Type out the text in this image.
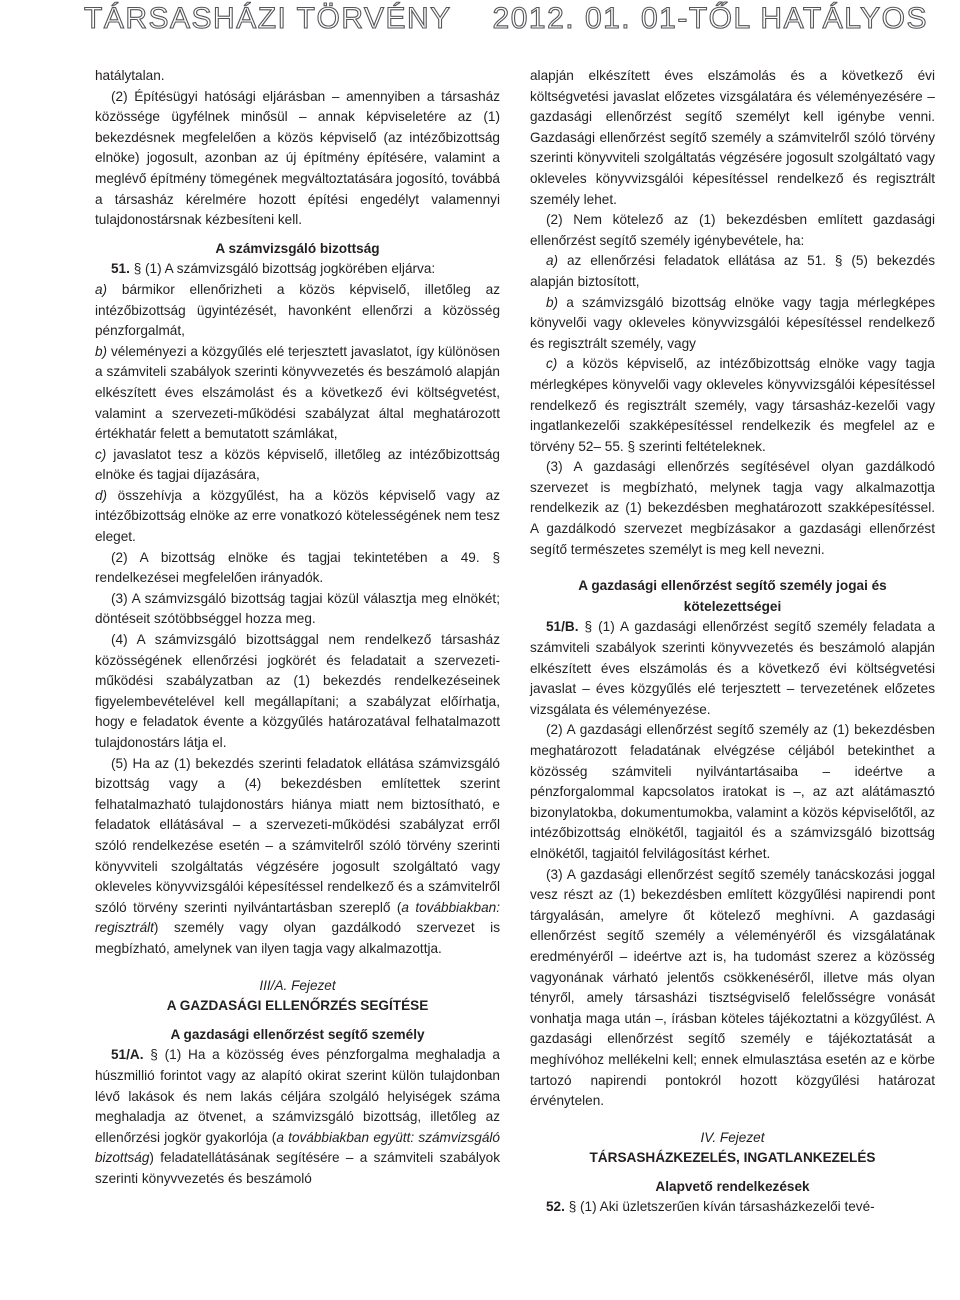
TÁRSASHÁZI TÖRVÉNY 2012. 01. 01-TŐL HATÁLYOS

hatálytalan.

(2) Építésügyi hatósági eljárásban – amennyiben a társasház közössége ügyfélnek minősül – annak képviseletére az (1) bekezdésnek megfelelően a közös képviselő (az intézőbizottság elnöke) jogosult, azonban az új építmény építésére, valamint a meglévő építmény tömegének megváltoztatására jogosító, továbbá a társasház kérelmére hozott építési engedélyt valamennyi tulajdonostársnak kézbesíteni kell.

A számvizsgáló bizottság

51. § (1) A számvizsgáló bizottság jogkörében eljárva:

a) bármikor ellenőrizheti a közös képviselő, illetőleg az intézőbizottság ügyintézését, havonként ellenőrzi a közösség pénzforgalmát,

b) véleményezi a közgyűlés elé terjesztett javaslatot, így különösen a számviteli szabályok szerinti könyvvezetés és beszámoló alapján elkészített éves elszámolást és a következő évi költségvetést, valamint a szervezeti-működési szabályzat által meghatározott értékhatár felett a bemutatott számlákat,

c) javaslatot tesz a közös képviselő, illetőleg az intézőbizottság elnöke és tagjai díjazására,

d) összehívja a közgyűlést, ha a közös képviselő vagy az intézőbizottság elnöke az erre vonatkozó kötelességének nem tesz eleget.

(2) A bizottság elnöke és tagjai tekintetében a 49. § rendelkezései megfelelően irányadók.

(3) A számvizsgáló bizottság tagjai közül választja meg elnökét; döntéseit szótöbbséggel hozza meg.

(4) A számvizsgáló bizottsággal nem rendelkező társasház közösségének ellenőrzési jogkörét és feladatait a szervezeti-működési szabályzatban az (1) bekezdés rendelkezéseinek figyelembevételével kell megállapítani; a szabályzat előírhatja, hogy e feladatok évente a közgyűlés határozatával felhatalmazott tulajdonostárs látja el.

(5) Ha az (1) bekezdés szerinti feladatok ellátása számvizsgáló bizottság vagy a (4) bekezdésben említettek szerint felhatalmazható tulajdonostárs hiánya miatt nem biztosítható, e feladatok ellátásával – a szervezeti-működési szabályzat erről szóló rendelkezése esetén – a számvitelről szóló törvény szerinti könyvviteli szolgáltatás végzésére jogosult szolgáltató vagy okleveles könyvvizsgálói képesítéssel rendelkező és a számvitelről szóló törvény szerinti nyilvántartásban szereplő (a továbbiakban: regisztrált) személy vagy olyan gazdálkodó szervezet is megbízható, amelynek van ilyen tagja vagy alkalmazottja.

III/A. Fejezet

A GAZDASÁGI ELLENŐRZÉS SEGÍTÉSE

A gazdasági ellenőrzést segítő személy

51/A. § (1) Ha a közösség éves pénzforgalma meghaladja a húszmillió forintot vagy az alapító okirat szerint külön tulajdonban lévő lakások és nem lakás céljára szolgáló helyiségek száma meghaladja az ötvenet, a számvizsgáló bizottság, illetőleg az ellenőrzési jogkör gyakorlója (a továbbiakban együtt: számvizsgáló bizottság) feladatellátásának segítésére – a számviteli szabályok szerinti könyvvezetés és beszámoló

alapján elkészített éves elszámolás és a következő évi költségvetési javaslat előzetes vizsgálatára és véleményezésére – gazdasági ellenőrzést segítő személyt kell igénybe venni. Gazdasági ellenőrzést segítő személy a számvitelről szóló törvény szerinti könyvviteli szolgáltatás végzésére jogosult szolgáltató vagy okleveles könyvvizsgálói képesítéssel rendelkező és regisztrált személy lehet.

(2) Nem kötelező az (1) bekezdésben említett gazdasági ellenőrzést segítő személy igénybevétele, ha:

a) az ellenőrzési feladatok ellátása az 51. § (5) bekezdés alapján biztosított,

b) a számvizsgáló bizottság elnöke vagy tagja mérlegképes könyvelői vagy okleveles könyvvizsgálói képesítéssel rendelkező és regisztrált személy, vagy

c) a közös képviselő, az intézőbizottság elnöke vagy tagja mérlegképes könyvelői vagy okleveles könyvvizsgálói képesítéssel rendelkező és regisztrált személy, vagy társasház-kezelői vagy ingatlankezelői szakképesítéssel rendelkezik és megfelel az e törvény 52– 55. § szerinti feltételeknek.

(3) A gazdasági ellenőrzés segítésével olyan gazdálkodó szervezet is megbízható, melynek tagja vagy alkalmazottja rendelkezik az (1) bekezdésben meghatározott szakképesítéssel. A gazdálkodó szervezet megbízásakor a gazdasági ellenőrzést segítő természetes személyt is meg kell nevezni.

A gazdasági ellenőrzést segítő személy jogai és kötelezettségei

51/B. § (1) A gazdasági ellenőrzést segítő személy feladata a számviteli szabályok szerinti könyvvezetés és beszámoló alapján elkészített éves elszámolás és a következő évi költségvetési javaslat – éves közgyűlés elé terjesztett – tervezetének előzetes vizsgálata és véleményezése.

(2) A gazdasági ellenőrzést segítő személy az (1) bekezdésben meghatározott feladatának elvégzése céljából betekinthet a közösség számviteli nyilvántartásaiba – ideértve a pénzforgalommal kapcsolatos iratokat is –, az azt alátámasztó bizonylatokba, dokumentumokba, valamint a közös képviselőtől, az intézőbizottság elnökétől, tagjaitól és a számvizsgáló bizottság elnökétől, tagjaitól felvilágosítást kérhet.

(3) A gazdasági ellenőrzést segítő személy tanácskozási joggal vesz részt az (1) bekezdésben említett közgyűlési napirendi pont tárgyalásán, amelyre őt kötelező meghívni. A gazdasági ellenőrzést segítő személy a véleményéről és vizsgálatának eredményéről – ideértve azt is, ha tudomást szerez a közösség vagyonának várható jelentős csökkenéséről, illetve más olyan tényről, amely társasházi tisztségviselő felelősségre vonását vonhatja maga után –, írásban köteles tájékoztatni a közgyűlést. A gazdasági ellenőrzést segítő személy e tájékoztatását a meghívóhoz mellékelni kell; ennek elmulasztása esetén az e körbe tartozó napirendi pontokról hozott közgyűlési határozat érvénytelen.

IV. Fejezet

TÁRSASHÁZKEZELÉS, INGATLANKEZELÉS

Alapvető rendelkezések

52. § (1) Aki üzletszerűen kíván társasházkezelői tevé-
